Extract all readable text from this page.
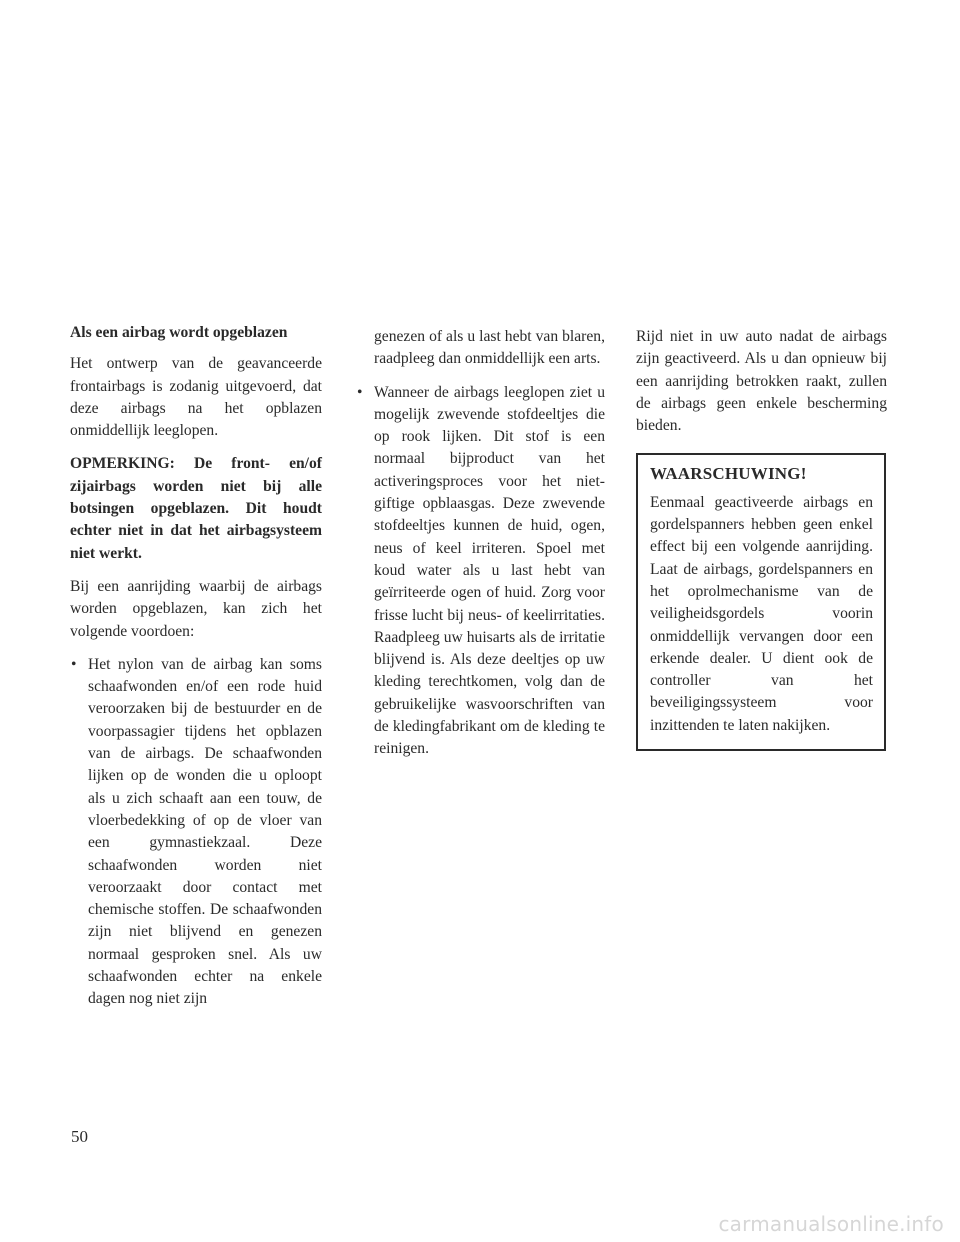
Als een airbag wordt opgeblazen

Het ontwerp van de geavanceerde frontairbags is zodanig uitgevoerd, dat deze airbags na het opblazen onmiddellijk leeglopen.

OPMERKING: De front- en/of zijairbags worden niet bij alle botsingen opgeblazen. Dit houdt echter niet in dat het airbagsysteem niet werkt.

Bij een aanrijding waarbij de airbags worden opgeblazen, kan zich het volgende voordoen:

• Het nylon van de airbag kan soms schaafwonden en/of een rode huid veroorzaken bij de bestuurder en de voorpassagier tijdens het opblazen van de airbags. De schaafwonden lijken op de wonden die u oploopt als u zich schaaft aan een touw, de vloerbedekking of op de vloer van een gymnastiekzaal. Deze schaafwonden worden niet veroorzaakt door contact met chemische stoffen. De schaafwonden zijn niet blijvend en genezen normaal gesproken snel. Als uw schaafwonden echter na enkele dagen nog niet zijn

genezen of als u last hebt van blaren, raadpleeg dan onmiddellijk een arts.

• Wanneer de airbags leeglopen ziet u mogelijk zwevende stofdeeltjes die op rook lijken. Dit stof is een normaal bijproduct van het activeringsproces voor het niet-giftige opblaasgas. Deze zwevende stofdeeltjes kunnen de huid, ogen, neus of keel irriteren. Spoel met koud water als u last hebt van geïrriteerde ogen of huid. Zorg voor frisse lucht bij neus- of keelirritaties. Raadpleeg uw huisarts als de irritatie blijvend is. Als deze deeltjes op uw kleding terechtkomen, volg dan de gebruikelijke wasvoorschriften van de kledingfabrikant om de kleding te reinigen.

Rijd niet in uw auto nadat de airbags zijn geactiveerd. Als u dan opnieuw bij een aanrijding betrokken raakt, zullen de airbags geen enkele bescherming bieden.

WAARSCHUWING!

Eenmaal geactiveerde airbags en gordelspanners hebben geen enkel effect bij een volgende aanrijding. Laat de airbags, gordelspanners en het oprolmechanisme van de veiligheidsgordels voorin onmiddellijk vervangen door een erkende dealer. U dient ook de controller van het beveiligingssysteem voor inzittenden te laten nakijken.

50
carmanualsonline.info
